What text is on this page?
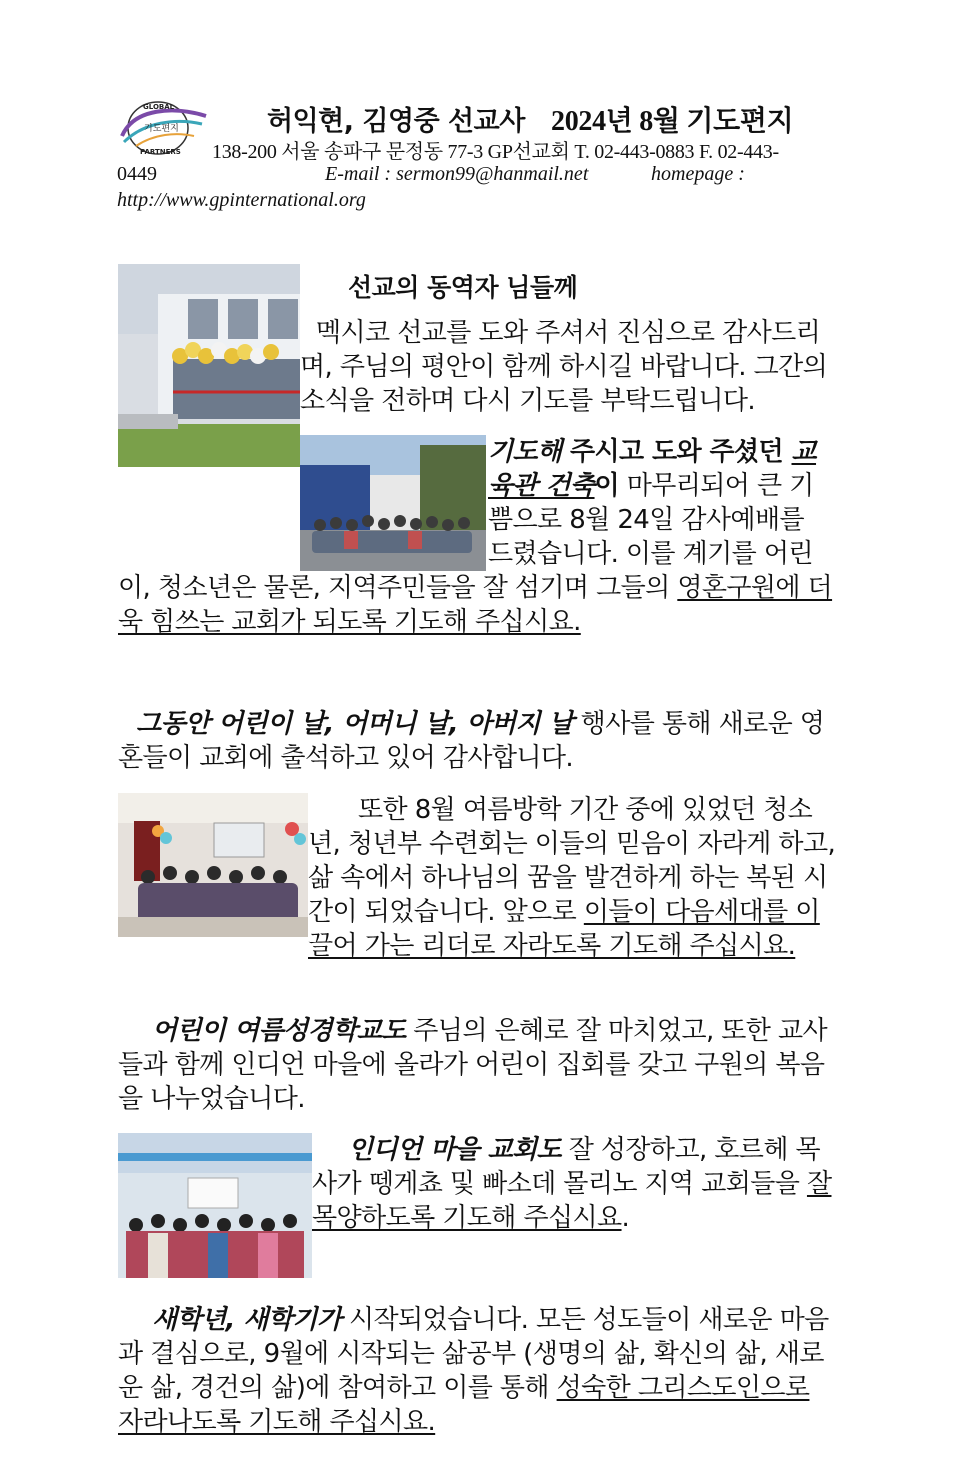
GLOBAL
기도편지
PARTNERS
허익현, 김영중 선교사 2024년 8월 기도편지
138-200 서울 송파구 문정동 77-3 GP선교회 T. 02-443-0883 F. 02-443-
0449	E-mail : sermon99@hanmail.net	homepage :
http://www.gpinternational.org
선교의 동역자 님들께
멕시코 선교를 도와 주셔서 진심으로 감사드리며, 주님의 평안이 함께 하시길 바랍니다. 그간의 소식을 전하며 다시 기도를 부탁드립니다.
기도해 주시고 도와 주셨던 교육관 건축이 마무리되어 큰 기쁨으로 8월 24일 감사예배를 드렸습니다. 이를 계기를 어린이, 청소년은 물론, 지역주민들을 잘 섬기며 그들의 영혼구원에 더욱 힘쓰는 교회가 되도록 기도해 주십시요.
그동안 어린이 날, 어머니 날, 아버지 날 행사를 통해 새로운 영혼들이 교회에 출석하고 있어 감사합니다.
또한 8월 여름방학 기간 중에 있었던 청소년, 청년부 수련회는 이들의 믿음이 자라게 하고, 삶 속에서 하나님의 꿈을 발견하게 하는 복된 시간이 되었습니다. 앞으로 이들이 다음세대를 이끌어 가는 리더로 자라도록 기도해 주십시요.
어린이 여름성경학교도 주님의 은혜로 잘 마치었고, 또한 교사들과 함께 인디언 마을에 올라가 어린이 집회를 갖고 구원의 복음을 나누었습니다.
인디언 마을 교회도 잘 성장하고, 호르헤 목사가 뗑게쵸 및 빠소데 몰리노 지역 교회들을 잘 목양하도록 기도해 주십시요.
새학년, 새학기가 시작되었습니다. 모든 성도들이 새로운 마음과 결심으로, 9월에 시작되는 삶공부 (생명의 삶, 확신의 삶, 새로운 삶, 경건의 삶)에 참여하고 이를 통해 성숙한 그리스도인으로 자라나도록 기도해 주십시요.
